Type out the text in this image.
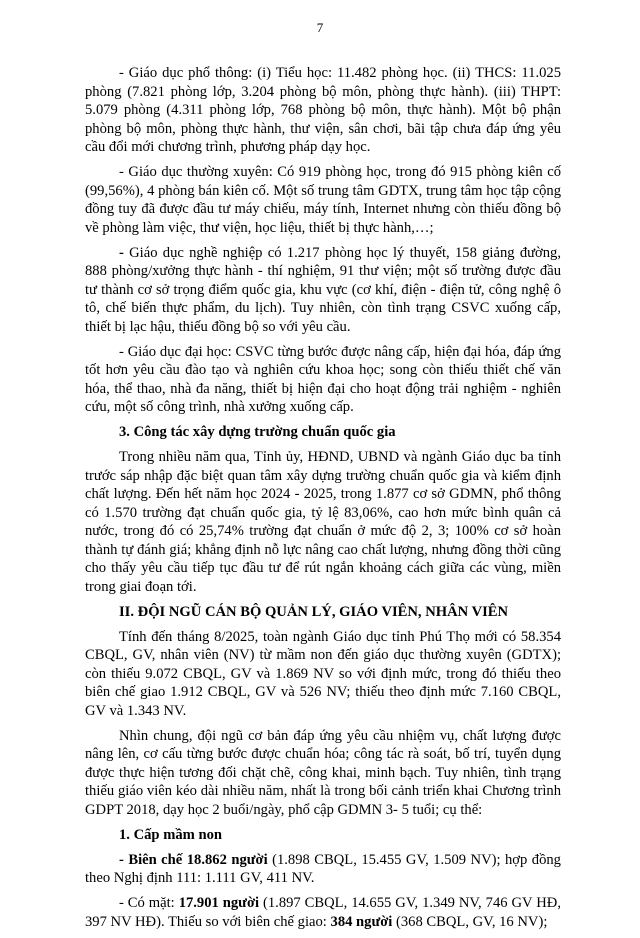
7

- Giáo dục phổ thông: (i) Tiểu học: 11.482 phòng học. (ii) THCS: 11.025 phòng (7.821 phòng lớp, 3.204 phòng bộ môn, phòng thực hành). (iii) THPT: 5.079 phòng (4.311 phòng lớp, 768 phòng bộ môn, thực hành). Một bộ phận phòng bộ môn, phòng thực hành, thư viện, sân chơi, bãi tập chưa đáp ứng yêu cầu đổi mới chương trình, phương pháp dạy học.

- Giáo dục thường xuyên: Có 919 phòng học, trong đó 915 phòng kiên cố (99,56%), 4 phòng bán kiên cố. Một số trung tâm GDTX, trung tâm học tập cộng đồng tuy đã được đầu tư máy chiếu, máy tính, Internet nhưng còn thiếu đồng bộ về phòng làm việc, thư viện, học liệu, thiết bị thực hành,…;

- Giáo dục nghề nghiệp có 1.217 phòng học lý thuyết, 158 giảng đường, 888 phòng/xưởng thực hành - thí nghiệm, 91 thư viện; một số trường được đầu tư thành cơ sở trọng điểm quốc gia, khu vực (cơ khí, điện - điện tử, công nghệ ô tô, chế biến thực phẩm, du lịch). Tuy nhiên, còn tình trạng CSVC xuống cấp, thiết bị lạc hậu, thiếu đồng bộ so với yêu cầu.

- Giáo dục đại học: CSVC từng bước được nâng cấp, hiện đại hóa, đáp ứng tốt hơn yêu cầu đào tạo và nghiên cứu khoa học; song còn thiếu thiết chế văn hóa, thể thao, nhà đa năng, thiết bị hiện đại cho hoạt động trải nghiệm - nghiên cứu, một số công trình, nhà xưởng xuống cấp.

3. Công tác xây dựng trường chuẩn quốc gia

Trong nhiều năm qua, Tỉnh ủy, HĐND, UBND và ngành Giáo dục ba tỉnh trước sáp nhập đặc biệt quan tâm xây dựng trường chuẩn quốc gia và kiểm định chất lượng. Đến hết năm học 2024 - 2025, trong 1.877 cơ sở GDMN, phổ thông có 1.570 trường đạt chuẩn quốc gia, tỷ lệ 83,06%, cao hơn mức bình quân cả nước, trong đó có 25,74% trường đạt chuẩn ở mức độ 2, 3; 100% cơ sở hoàn thành tự đánh giá; khẳng định nỗ lực nâng cao chất lượng, nhưng đồng thời cũng cho thấy yêu cầu tiếp tục đầu tư để rút ngắn khoảng cách giữa các vùng, miền trong giai đoạn tới.

II. ĐỘI NGŨ CÁN BỘ QUẢN LÝ, GIÁO VIÊN, NHÂN VIÊN

Tính đến tháng 8/2025, toàn ngành Giáo dục tỉnh Phú Thọ mới có 58.354 CBQL, GV, nhân viên (NV) từ mầm non đến giáo dục thường xuyên (GDTX); còn thiếu 9.072 CBQL, GV và 1.869 NV so với định mức, trong đó thiếu theo biên chế giao 1.912 CBQL, GV và 526 NV; thiếu theo định mức 7.160 CBQL, GV và 1.343 NV.

Nhìn chung, đội ngũ cơ bản đáp ứng yêu cầu nhiệm vụ, chất lượng được nâng lên, cơ cấu từng bước được chuẩn hóa; công tác rà soát, bố trí, tuyển dụng được thực hiện tương đối chặt chẽ, công khai, minh bạch. Tuy nhiên, tình trạng thiếu giáo viên kéo dài nhiều năm, nhất là trong bối cảnh triển khai Chương trình GDPT 2018, dạy học 2 buổi/ngày, phổ cập GDMN 3- 5 tuổi; cụ thể:

1. Cấp mầm non

- Biên chế 18.862 người (1.898 CBQL, 15.455 GV, 1.509 NV); hợp đồng theo Nghị định 111: 1.111 GV, 411 NV.

- Có mặt: 17.901 người (1.897 CBQL, 14.655 GV, 1.349 NV, 746 GV HĐ, 397 NV HĐ). Thiếu so với biên chế giao: 384 người (368 CBQL, GV, 16 NV);
